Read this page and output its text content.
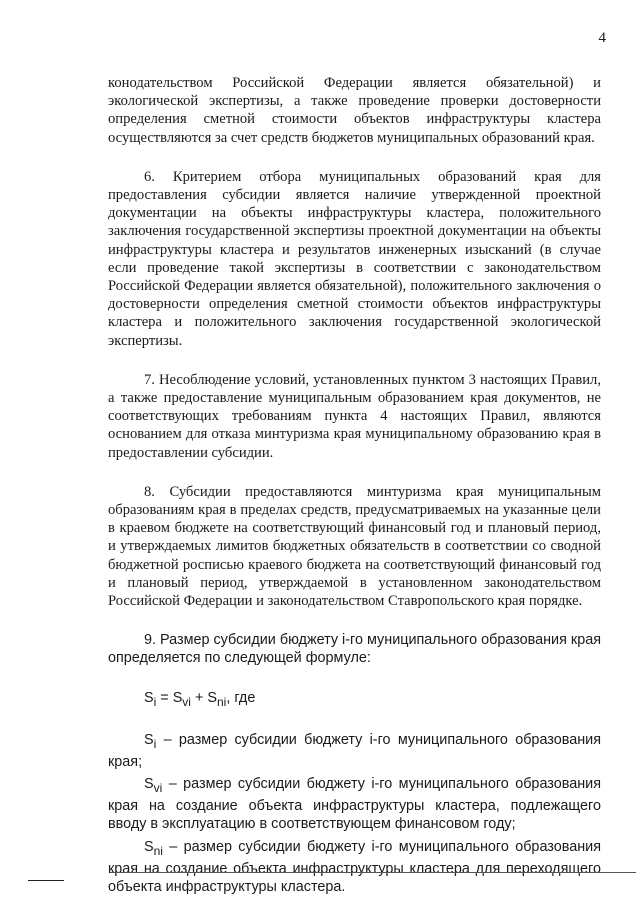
4

конодательством Российской Федерации является обязательной) и экологической экспертизы, а также проведение проверки достоверности определения сметной стоимости объектов инфраструктуры кластера осуществляются за счет средств бюджетов муниципальных образований края.

6. Критерием отбора муниципальных образований края для предоставления субсидии является наличие утвержденной проектной документации на объекты инфраструктуры кластера, положительного заключения государственной экспертизы проектной документации на объекты инфраструктуры кластера и результатов инженерных изысканий (в случае если проведение такой экспертизы в соответствии с законодательством Российской Федерации является обязательной), положительного заключения о достоверности определения сметной стоимости объектов инфраструктуры кластера и положительного заключения государственной экологической экспертизы.

7. Несоблюдение условий, установленных пунктом 3 настоящих Правил, а также предоставление муниципальным образованием края документов, не соответствующих требованиям пункта 4 настоящих Правил, являются основанием для отказа минтуризма края муниципальному образованию края в предоставлении субсидии.

8. Субсидии предоставляются минтуризма края муниципальным образованиям края в пределах средств, предусматриваемых на указанные цели в краевом бюджете на соответствующий финансовый год и плановый период, и утверждаемых лимитов бюджетных обязательств в соответствии со сводной бюджетной росписью краевого бюджета на соответствующий финансовый год и плановый период, утверждаемой в установленном законодательством Российской Федерации и законодательством Ставропольского края порядке.

9. Размер субсидии бюджету i-го муниципального образования края определяется по следующей формуле:

$S_i = S_{vi} + S_{ni}$, где

$S_i$ – размер субсидии бюджету i-го муниципального образования края;

$S_{vi}$ – размер субсидии бюджету i-го муниципального образования края на создание объекта инфраструктуры кластера, подлежащего вводу в эксплуатацию в соответствующем финансовом году;

$S_{ni}$ – размер субсидии бюджету i-го муниципального образования края на создание объекта инфраструктуры кластера для переходящего объекта инфраструктуры кластера.
